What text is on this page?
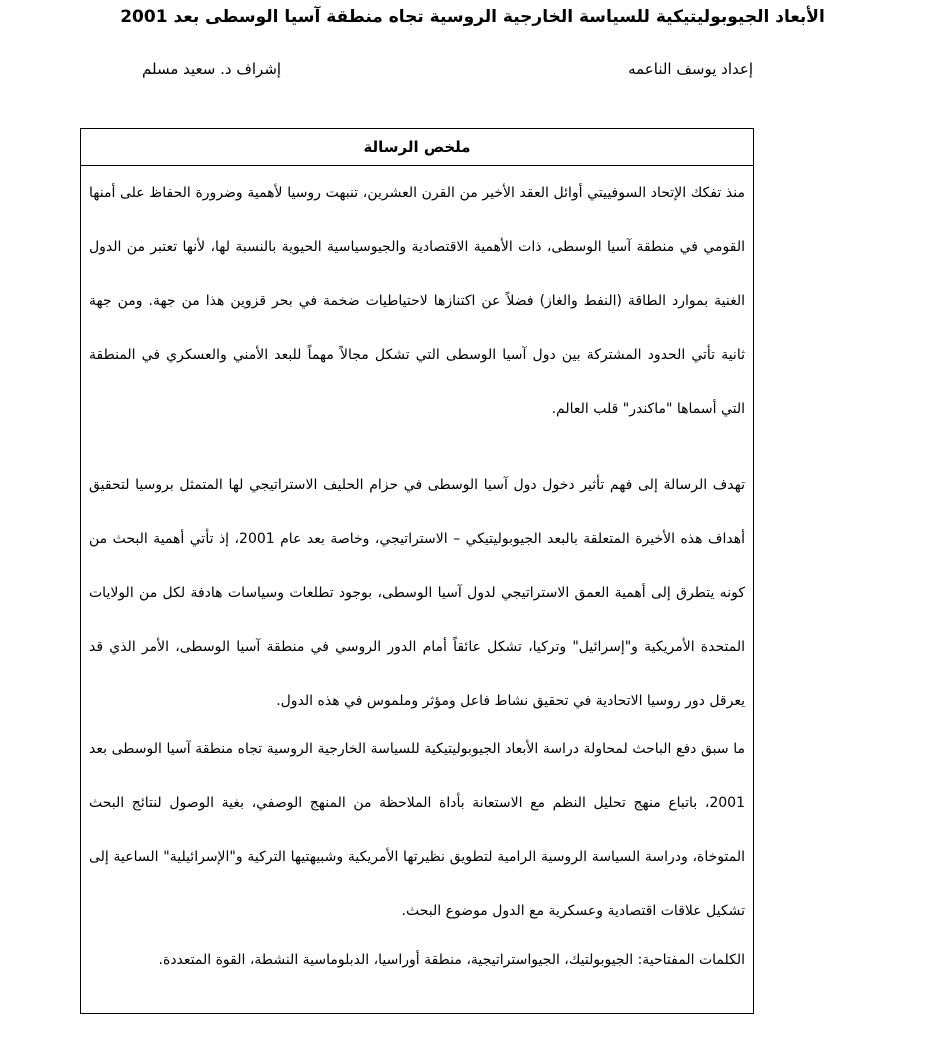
الأبعاد الجيوبوليتيكية للسياسة الخارجية الروسية تجاه منطقة آسيا الوسطى بعد 2001
إعداد يوسف الناعمه
إشراف د. سعيد مسلم
ملخص الرسالة

منذ تفكك الإتحاد السوفييتي أوائل العقد الأخير من القرن العشرين، تنبهت روسيا لأهمية وضرورة الحفاظ على أمنها القومي في منطقة آسيا الوسطى، ذات الأهمية الاقتصادية والجيوسياسية الحيوية بالنسبة لها، لأنها تعتبر من الدول الغنية بموارد الطاقة (النفط والغاز) فضلاً عن اكتنازها لاحتياطيات ضخمة في بحر قزوين هذا من جهة. ومن جهة ثانية تأتي الحدود المشتركة بين دول آسيا الوسطى التي تشكل مجالاً مهماً للبعد الأمني والعسكري في المنطقة التي أسماها "ماكندر" قلب العالم.

تهدف الرسالة إلى فهم تأثير دخول دول آسيا الوسطى في حزام الحليف الاستراتيجي لها المتمثل بروسيا لتحقيق أهداف هذه الأخيرة المتعلقة بالبعد الجيوبوليتيكي – الاستراتيجي، وخاصة بعد عام 2001، إذ تأتي أهمية البحث من كونه يتطرق إلى أهمية العمق الاستراتيجي لدول آسيا الوسطى، بوجود تطلعات وسياسات هادفة لكل من الولايات المتحدة الأمريكية و"إسرائيل" وتركيا، تشكل عائقاً أمام الدور الروسي في منطقة آسيا الوسطى، الأمر الذي قد يعرقل دور روسيا الاتحادية في تحقيق نشاط فاعل ومؤثر وملموس في هذه الدول.

ما سبق دفع الباحث لمحاولة دراسة الأبعاد الجيوبوليتيكية للسياسة الخارجية الروسية تجاه منطقة آسيا الوسطى بعد 2001، باتباع منهج تحليل النظم مع الاستعانة بأداة الملاحظة من المنهج الوصفي، بغية الوصول لنتائج البحث المتوخاة، ودراسة السياسة الروسية الرامية لتطويق نظيرتها الأمريكية وشبيهتيها التركية و"الإسرائيلية" الساعية إلى تشكيل علاقات اقتصادية وعسكرية مع الدول موضوع البحث.

الكلمات المفتاحية: الجيوبولتيك، الجيواستراتيجية، منطقة أوراسيا، الدبلوماسية النشطة، القوة المتعددة.
